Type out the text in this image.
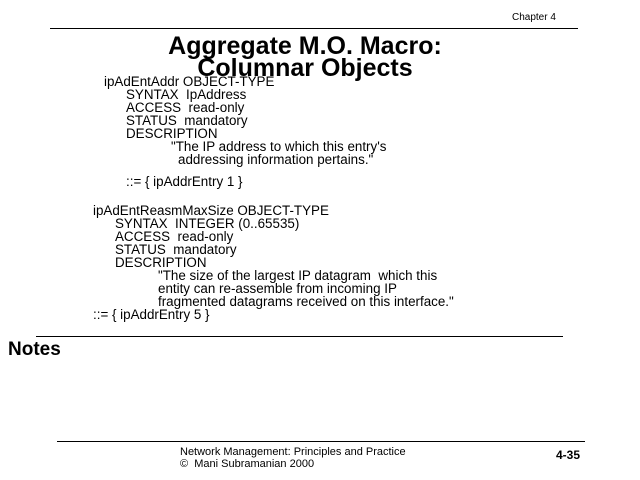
Chapter 4
Aggregate M.O. Macro:
Columnar Objects
ipAdEntAddr OBJECT-TYPE
SYNTAX  IpAddress
ACCESS  read-only
STATUS  mandatory
DESCRIPTION
"The IP address to which this entry's
addressing information pertains."
::= { ipAddrEntry 1 }
ipAdEntReasmMaxSize OBJECT-TYPE
SYNTAX  INTEGER (0..65535)
ACCESS  read-only
STATUS  mandatory
DESCRIPTION
"The size of the largest IP datagram  which this
entity can re-assemble from incoming IP
fragmented datagrams received on this interface."
::= { ipAddrEntry 5 }
Notes
Network Management: Principles and Practice
©  Mani Subramanian 2000
4-35
